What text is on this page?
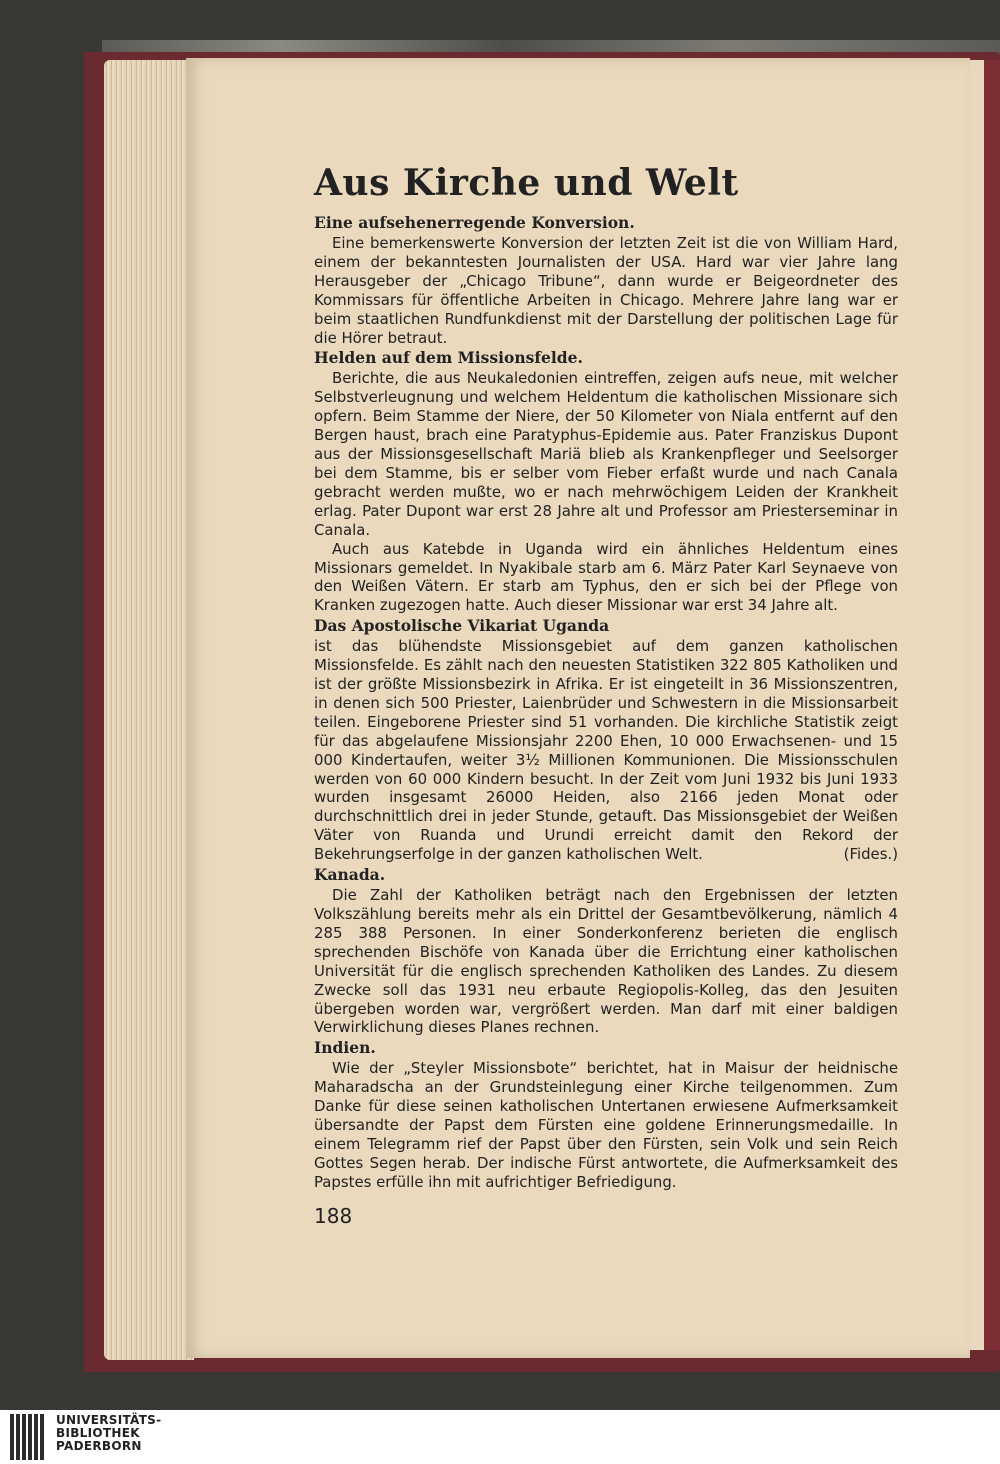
Aus Kirche und Welt
Eine aufsehenerregende Konversion.

Eine bemerkenswerte Konversion der letzten Zeit ist die von William Hard, einem der bekanntesten Journalisten der USA. Hard war vier Jahre lang Herausgeber der „Chicago Tribune“, dann wurde er Beigeordneter des Kommissars für öffentliche Arbeiten in Chicago. Mehrere Jahre lang war er beim staatlichen Rundfunkdienst mit der Darstellung der politischen Lage für die Hörer betraut.

Helden auf dem Missionsfelde.

Berichte, die aus Neukaledonien eintreffen, zeigen aufs neue, mit welcher Selbstverleugnung und welchem Heldentum die katholischen Missionare sich opfern. Beim Stamme der Niere, der 50 Kilometer von Niala entfernt auf den Bergen haust, brach eine Paratyphus-Epidemie aus. Pater Franziskus Dupont aus der Missionsgesellschaft Mariä blieb als Krankenpfleger und Seelsorger bei dem Stamme, bis er selber vom Fieber erfaßt wurde und nach Canala gebracht werden mußte, wo er nach mehrwöchigem Leiden der Krankheit erlag. Pater Dupont war erst 28 Jahre alt und Professor am Priesterseminar in Canala.

Auch aus Katebde in Uganda wird ein ähnliches Heldentum eines Missionars gemeldet. In Nyakibale starb am 6. März Pater Karl Seynaeve von den Weißen Vätern. Er starb am Typhus, den er sich bei der Pflege von Kranken zugezogen hatte. Auch dieser Missionar war erst 34 Jahre alt.

Das Apostolische Vikariat Uganda

ist das blühendste Missionsgebiet auf dem ganzen katholischen Missionsfelde. Es zählt nach den neuesten Statistiken 322 805 Katholiken und ist der größte Missionsbezirk in Afrika. Er ist eingeteilt in 36 Missionszentren, in denen sich 500 Priester, Laienbrüder und Schwestern in die Missionsarbeit teilen. Eingeborene Priester sind 51 vorhanden. Die kirchliche Statistik zeigt für das abgelaufene Missionsjahr 2200 Ehen, 10 000 Erwachsenen- und 15 000 Kindertaufen, weiter 3½ Millionen Kommunionen. Die Missionsschulen werden von 60 000 Kindern besucht. In der Zeit vom Juni 1932 bis Juni 1933 wurden insgesamt 26000 Heiden, also 2166 jeden Monat oder durchschnittlich drei in jeder Stunde, getauft. Das Missionsgebiet der Weißen Väter von Ruanda und Urundi erreicht damit den Rekord der Bekehrungserfolge in der ganzen katholischen Welt.	(Fides.)

Kanada.

Die Zahl der Katholiken beträgt nach den Ergebnissen der letzten Volkszählung bereits mehr als ein Drittel der Gesamtbevölkerung, nämlich 4 285 388 Personen. In einer Sonderkonferenz berieten die englisch sprechenden Bischöfe von Kanada über die Errichtung einer katholischen Universität für die englisch sprechenden Katholiken des Landes. Zu diesem Zwecke soll das 1931 neu erbaute Regiopolis-Kolleg, das den Jesuiten übergeben worden war, vergrößert werden. Man darf mit einer baldigen Verwirklichung dieses Planes rechnen.

Indien.

Wie der „Steyler Missionsbote“ berichtet, hat in Maisur der heidnische Maharadscha an der Grundsteinlegung einer Kirche teilgenommen. Zum Danke für diese seinen katholischen Untertanen erwiesene Aufmerksamkeit übersandte der Papst dem Fürsten eine goldene Erinnerungsmedaille. In einem Telegramm rief der Papst über den Fürsten, sein Volk und sein Reich Gottes Segen herab. Der indische Fürst antwortete, die Aufmerksamkeit des Papstes erfülle ihn mit aufrichtiger Befriedigung.

188
UNIVERSITÄTS-
BIBLIOTHEK
PADERBORN
